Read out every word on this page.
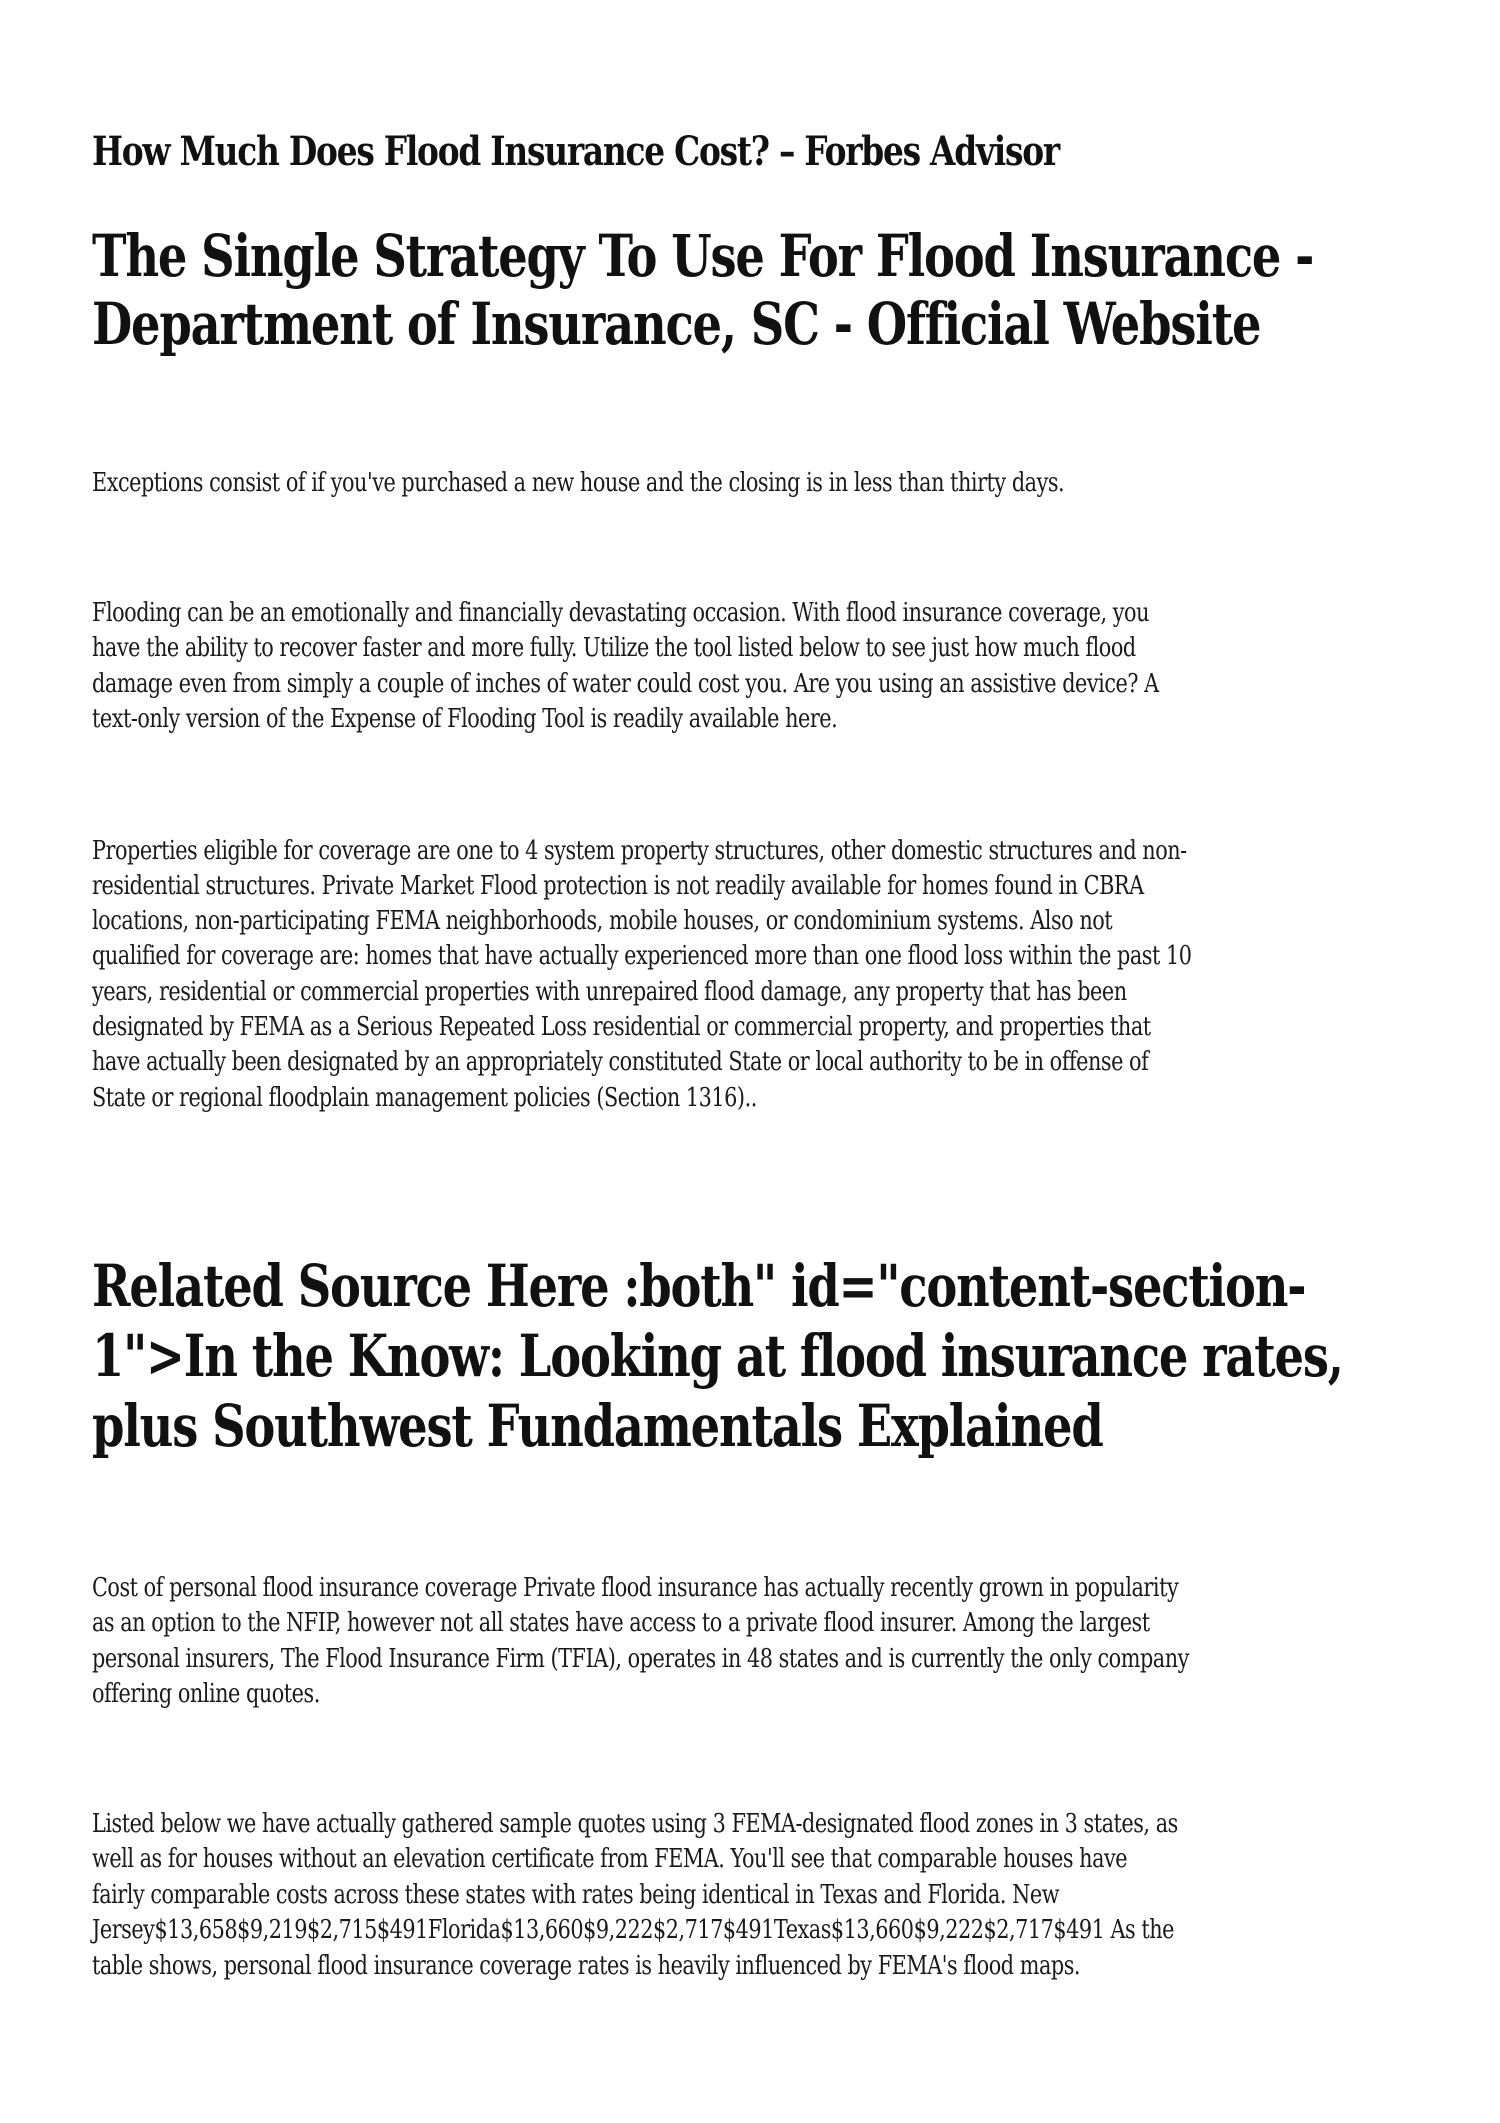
How Much Does Flood Insurance Cost? – Forbes Advisor
The Single Strategy To Use For Flood Insurance -
Department of Insurance, SC - Official Website
Exceptions consist of if you've purchased a new house and the closing is in less than thirty days.
Flooding can be an emotionally and financially devastating occasion. With flood insurance coverage, you
have the ability to recover faster and more fully. Utilize the tool listed below to see just how much flood
damage even from simply a couple of inches of water could cost you. Are you using an assistive device? A
text-only version of the Expense of Flooding Tool is readily available here.
Properties eligible for coverage are one to 4 system property structures, other domestic structures and non-
residential structures. Private Market Flood protection is not readily available for homes found in CBRA
locations, non-participating FEMA neighborhoods, mobile houses, or condominium systems. Also not
qualified for coverage are: homes that have actually experienced more than one flood loss within the past 10
years, residential or commercial properties with unrepaired flood damage, any property that has been
designated by FEMA as a Serious Repeated Loss residential or commercial property, and properties that
have actually been designated by an appropriately constituted State or local authority to be in offense of
State or regional floodplain management policies (Section 1316)..
Related Source Here :both" id="content-section-
1">In the Know: Looking at flood insurance rates,
plus Southwest Fundamentals Explained
Cost of personal flood insurance coverage Private flood insurance has actually recently grown in popularity
as an option to the NFIP, however not all states have access to a private flood insurer. Among the largest
personal insurers, The Flood Insurance Firm (TFIA), operates in 48 states and is currently the only company
offering online quotes.
Listed below we have actually gathered sample quotes using 3 FEMA-designated flood zones in 3 states, as
well as for houses without an elevation certificate from FEMA. You'll see that comparable houses have
fairly comparable costs across these states with rates being identical in Texas and Florida. New
Jersey$13,658$9,219$2,715$491Florida$13,660$9,222$2,717$491Texas$13,660$9,222$2,717$491 As the
table shows, personal flood insurance coverage rates is heavily influenced by FEMA's flood maps.
